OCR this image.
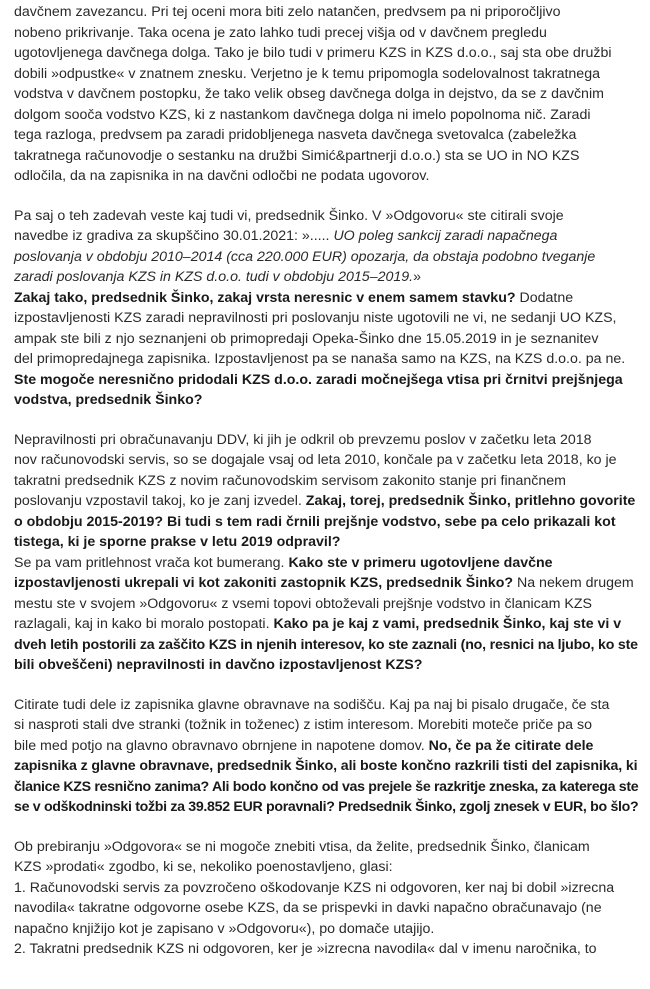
davčnem zavezancu. Pri tej oceni mora biti zelo natančen, predvsem pa ni priporočljivo
nobeno prikrivanje. Taka ocena je zato lahko tudi precej višja od v davčnem pregledu
ugotovljenega davčnega dolga. Tako je bilo tudi v primeru KZS in KZS d.o.o., saj sta obe družbi
dobili »odpustke« v znatnem znesku. Verjetno je k temu pripomogla sodelovalnost takratnega
vodstva v davčnem postopku, že tako velik obseg davčnega dolga in dejstvo, da se z davčnim
dolgom sooča vodstvo KZS, ki z nastankom davčnega dolga ni imelo popolnoma nič. Zaradi
tega razloga, predvsem pa zaradi pridobljenega nasveta davčnega svetovalca (zabeležka
takratnega računovodje o sestanku na družbi Simić&partnerji d.o.o.) sta se UO in NO KZS
odločila, da na zapisnika in na davčni odločbi ne podata ugovorov.
Pa saj o teh zadevah veste kaj tudi vi, predsednik Šinko. V »Odgovoru« ste citirali svoje
navedbe iz gradiva za skupščino 30.01.2021: »..... UO poleg sankcij zaradi napačnega
poslovanja v obdobju 2010–2014 (cca 220.000 EUR) opozarja, da obstaja podobno tveganje
zaradi poslovanja KZS in KZS d.o.o. tudi v obdobju 2015–2019.»
Zakaj tako, predsednik Šinko, zakaj vrsta neresnic v enem samem stavku? Dodatne
izpostavljenosti KZS zaradi nepravilnosti pri poslovanju niste ugotovili ne vi, ne sedanji UO KZS,
ampak ste bili z njo seznanjeni ob primopredaji Opeka-Šinko dne 15.05.2019 in je seznanitev
del primopredajnega zapisnika. Izpostavljenost pa se nanaša samo na KZS, na KZS d.o.o. pa ne.
Ste mogoče neresnično pridodali KZS d.o.o. zaradi močnejšega vtisa pri črnitvi prejšnjega
vodstva, predsednik Šinko?
Nepravilnosti pri obračunavanju DDV, ki jih je odkril ob prevzemu poslov v začetku leta 2018
nov računovodski servis, so se dogajale vsaj od leta 2010, končale pa v začetku leta 2018, ko je
takratni predsednik KZS z novim računovodskim servisom zakonito stanje pri finančnem
poslovanju vzpostavil takoj, ko je zanj izvedel. Zakaj, torej, predsednik Šinko, pritlehno govorite
o obdobju 2015-2019? Bi tudi s tem radi črnili prejšnje vodstvo, sebe pa celo prikazali kot
tistega, ki je sporne prakse v letu 2019 odpravil?
Se pa vam pritlehnost vrača kot bumerang. Kako ste v primeru ugotovljene davčne
izpostavljenosti ukrepali vi kot zakoniti zastopnik KZS, predsednik Šinko? Na nekem drugem
mestu ste v svojem »Odgovoru« z vsemi topovi obtoževali prejšnje vodstvo in članicam KZS
razlagali, kaj in kako bi moralo postopati. Kako pa je kaj z vami, predsednik Šinko, kaj ste vi v
dveh letih postorili za zaščito KZS in njenih interesov, ko ste zaznali (no, resnici na ljubo, ko ste
bili obveščeni) nepravilnosti in davčno izpostavljenost KZS?
Citirate tudi dele iz zapisnika glavne obravnave na sodišču. Kaj pa naj bi pisalo drugače, če sta
si nasproti stali dve stranki (tožnik in toženec) z istim interesom. Morebiti moteče priče pa so
bile med potjo na glavno obravnavo obrnjene in napotene domov. No, če pa že citirate dele
zapisnika z glavne obravnave, predsednik Šinko, ali boste končno razkrili tisti del zapisnika, ki
članice KZS resnično zanima? Ali bodo končno od vas prejele še razkritje zneska, za katerega ste
se v odškodninski tožbi za 39.852 EUR poravnali? Predsednik Šinko, zgolj znesek v EUR, bo šlo?
Ob prebiranju »Odgovora« se ni mogoče znebiti vtisa, da želite, predsednik Šinko, članicam
KZS »prodati« zgodbo, ki se, nekoliko poenostavljeno, glasi:
1. Računovodski servis za povzročeno oškodovanje KZS ni odgovoren, ker naj bi dobil »izrecna
navodila« takratne odgovorne osebe KZS, da se prispevki in davki napačno obračunavajo (ne
napačno knjižijo kot je zapisano v »Odgovoru«), po domače utajijo.
2. Takratni predsednik KZS ni odgovoren, ker je »izrecna navodila« dal v imenu naročnika, to
